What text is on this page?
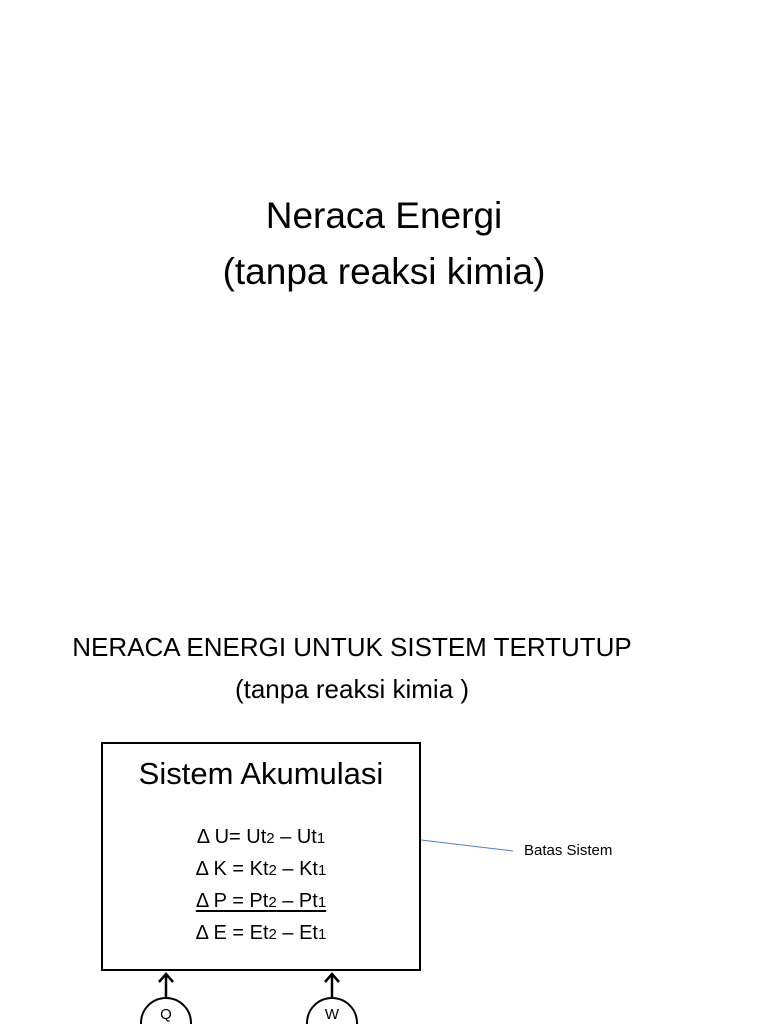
Neraca Energi
(tanpa reaksi kimia)
NERACA ENERGI UNTUK SISTEM TERTUTUP
(tanpa reaksi kimia )
Sistem Akumulasi
Δ U= Ut2 – Ut1
Δ K = Kt2 – Kt1
Δ P = Pt2 – Pt1
Δ E = Et2 – Et1
Batas Sistem
Q	W
